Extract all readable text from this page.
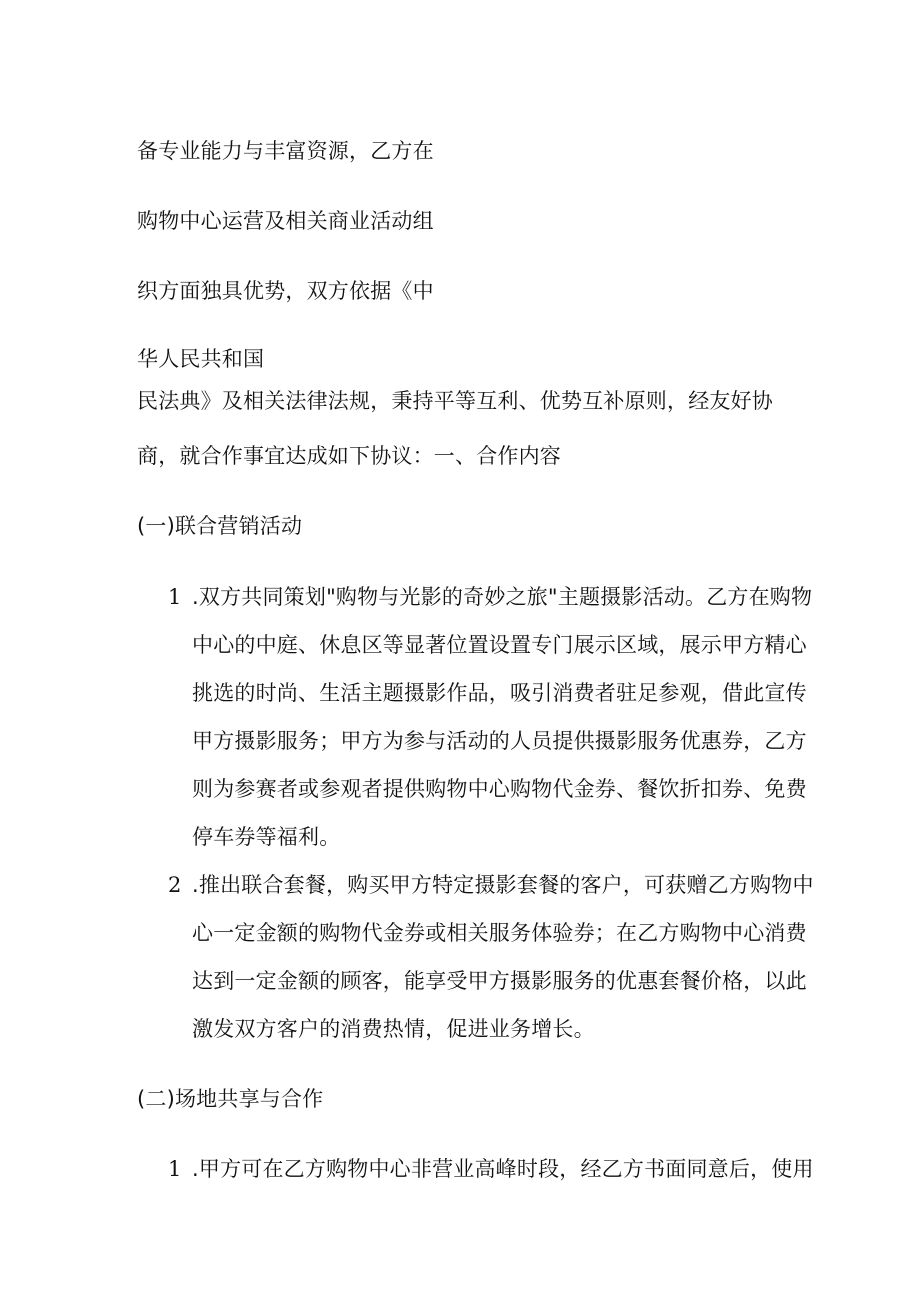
备专业能力与丰富资源，乙方在
购物中心运营及相关商业活动组
织方面独具优势，双方依据《中
华人民共和国
民法典》及相关法律法规，秉持平等互利、优势互补原则，经友好协
商，就合作事宜达成如下协议：一、合作内容
(一)联合营销活动
1 .双方共同策划"购物与光影的奇妙之旅"主题摄影活动。乙方在购物
中心的中庭、休息区等显著位置设置专门展示区域，展示甲方精心
挑选的时尚、生活主题摄影作品，吸引消费者驻足参观，借此宣传
甲方摄影服务；甲方为参与活动的人员提供摄影服务优惠券，乙方
则为参赛者或参观者提供购物中心购物代金券、餐饮折扣券、免费
停车券等福利。
2 .推出联合套餐，购买甲方特定摄影套餐的客户，可获赠乙方购物中
心一定金额的购物代金券或相关服务体验券；在乙方购物中心消费
达到一定金额的顾客，能享受甲方摄影服务的优惠套餐价格，以此
激发双方客户的消费热情，促进业务增长。
(二)场地共享与合作
1 .甲方可在乙方购物中心非营业高峰时段，经乙方书面同意后，使用
